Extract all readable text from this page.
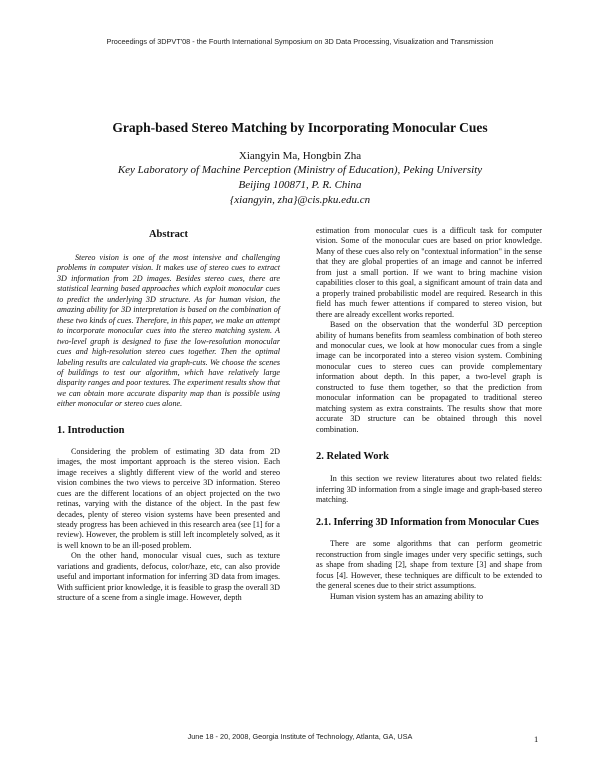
Proceedings of 3DPVT'08 - the Fourth International Symposium on 3D Data Processing, Visualization and Transmission
Graph-based Stereo Matching by Incorporating Monocular Cues
Xiangyin Ma, Hongbin Zha
Key Laboratory of Machine Perception (Ministry of Education), Peking University
Beijing 100871, P. R. China
{xiangyin, zha}@cis.pku.edu.cn
Abstract

Stereo vision is one of the most intensive and challenging problems in computer vision. It makes use of stereo cues to extract 3D information from 2D images. Besides stereo cues, there are statistical learning based approaches which exploit monocular cues to predict the underlying 3D structure. As for human vision, the amazing ability for 3D interpretation is based on the combination of these two kinds of cues. Therefore, in this paper, we make an attempt to incorporate monocular cues into the stereo matching system. A two-level graph is designed to fuse the low-resolution monocular cues and high-resolution stereo cues together. Then the optimal labeling results are calculated via graph-cuts. We choose the scenes of buildings to test our algorithm, which have relatively large disparity ranges and poor textures. The experiment results show that we can obtain more accurate disparity map than is possible using either monocular or stereo cues alone.

1. Introduction

Considering the problem of estimating 3D data from 2D images, the most important approach is the stereo vision. Each image receives a slightly different view of the world and stereo vision combines the two views to perceive 3D information. Stereo cues are the different locations of an object projected on the two retinas, varying with the distance of the object. In the past few decades, plenty of stereo vision systems have been presented and steady progress has been achieved in this research area (see [1] for a review). However, the problem is still left incompletely solved, as it is well known to be an ill-posed problem.

On the other hand, monocular visual cues, such as texture variations and gradients, defocus, color/haze, etc, can also provide useful and important information for inferring 3D data from images. With sufficient prior knowledge, it is feasible to grasp the overall 3D structure of a scene from a single image. However, depth

estimation from monocular cues is a difficult task for computer vision. Some of the monocular cues are based on prior knowledge. Many of these cues also rely on "contextual information" in the sense that they are global properties of an image and cannot be inferred from just a small portion. If we want to bring machine vision capabilities closer to this goal, a significant amount of train data and a properly trained probabilistic model are required. Research in this field has much fewer attentions if compared to stereo vision, but there are already excellent works reported.

Based on the observation that the wonderful 3D perception ability of humans benefits from seamless combination of both stereo and monocular cues, we look at how monocular cues from a single image can be incorporated into a stereo vision system. Combining monocular cues to stereo cues can provide complementary information about depth. In this paper, a two-level graph is constructed to fuse them together, so that the prediction from monocular information can be propagated to traditional stereo matching system as extra constraints. The results show that more accurate 3D structure can be obtained through this novel combination.

2. Related Work

In this section we review literatures about two related fields: inferring 3D information from a single image and graph-based stereo matching.

2.1. Inferring 3D Information from Monocular Cues

There are some algorithms that can perform geometric reconstruction from single images under very specific settings, such as shape from shading [2], shape from texture [3] and shape from focus [4]. However, these techniques are difficult to be extended to the general scenes due to their strict assumptions.

Human vision system has an amazing ability to

June 18 - 20, 2008, Georgia Institute of Technology, Atlanta, GA, USA	1
